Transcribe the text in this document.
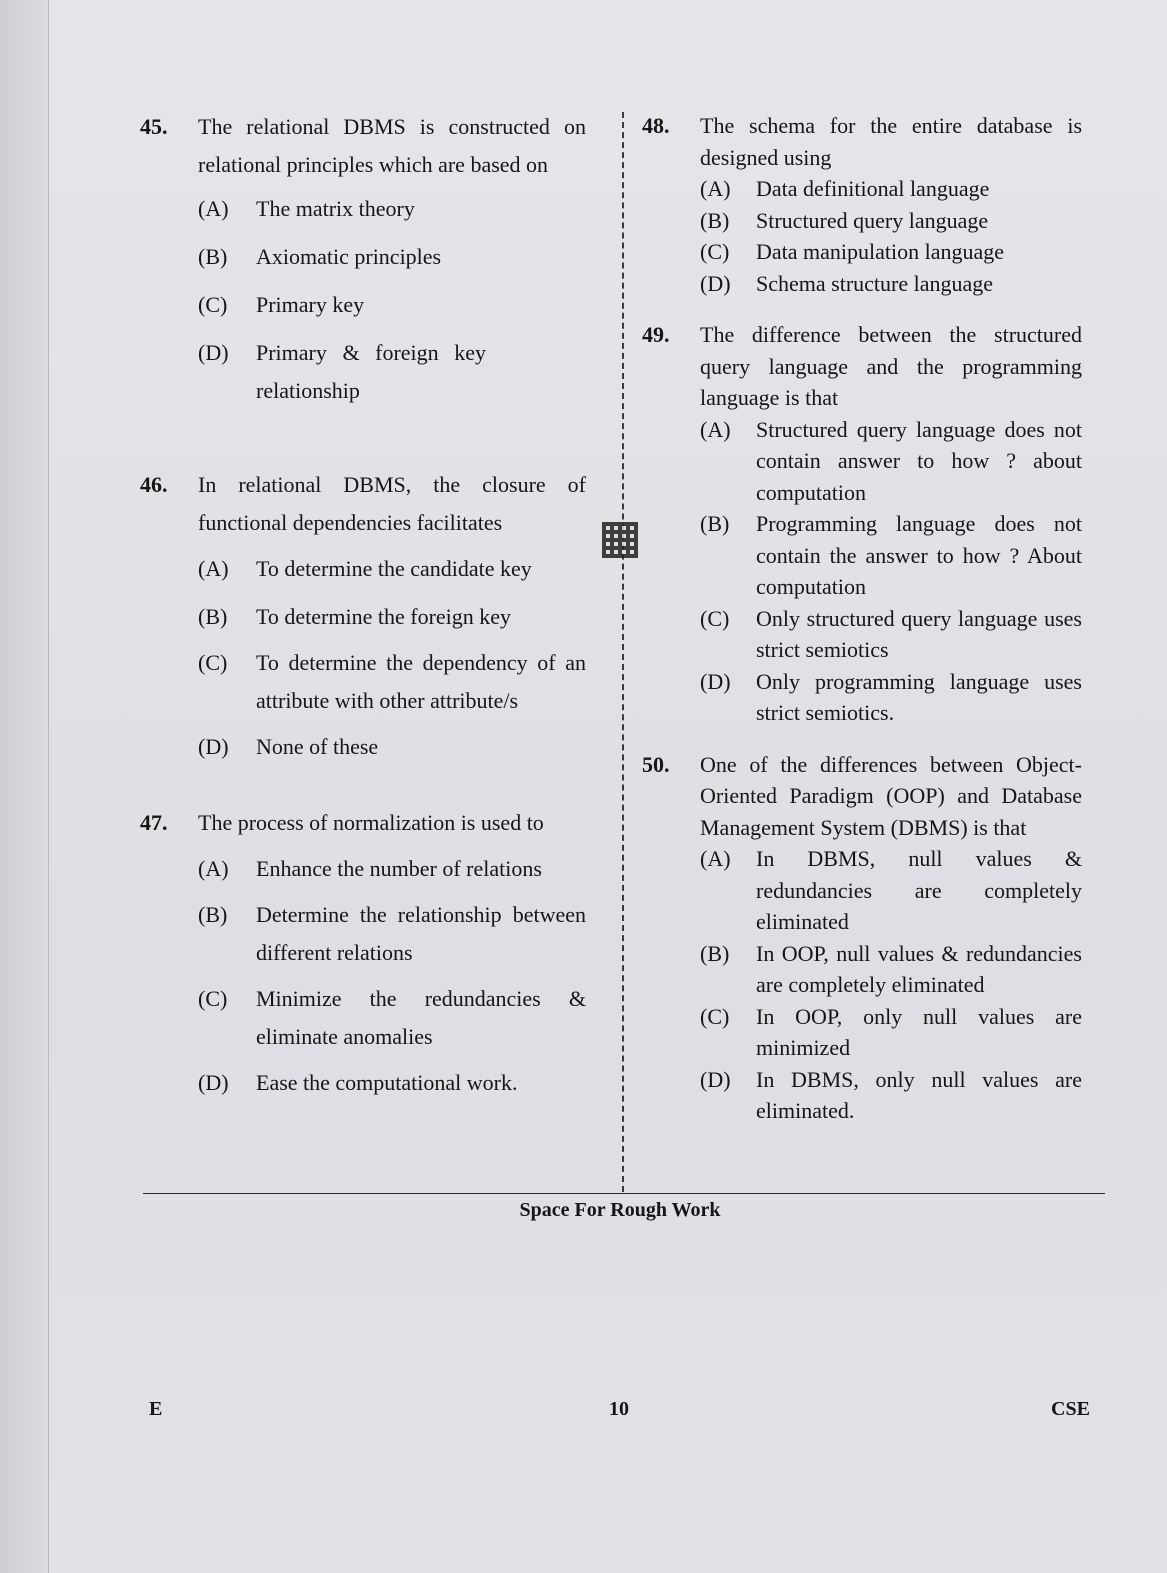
45.	The relational DBMS is constructed on relational principles which are based on
(A)	The matrix theory
(B)	Axiomatic principles
(C)	Primary key
(D)	Primary & foreign key relationship
46.	In relational DBMS, the closure of functional dependencies facilitates
(A)	To determine the candidate key
(B)	To determine the foreign key
(C)	To determine the dependency of an attribute with other attribute/s
(D)	None of these
47.	The process of normalization is used to
(A)	Enhance the number of relations
(B)	Determine the relationship between different relations
(C)	Minimize the redundancies & eliminate anomalies
(D)	Ease the computational work.
48.	The schema for the entire database is designed using
(A)	Data definitional language
(B)	Structured query language
(C)	Data manipulation language
(D)	Schema structure language
49.	The difference between the structured query language and the programming language is that
(A)	Structured query language does not contain answer to how ? about computation
(B)	Programming language does not contain the answer to how ? About computation
(C)	Only structured query language uses strict semiotics
(D)	Only programming language uses strict semiotics.
50.	One of the differences between Object-Oriented Paradigm (OOP) and Database Management System (DBMS) is that
(A)	In DBMS, null values & redundancies are completely eliminated
(B)	In OOP, null values & redundancies are completely eliminated
(C)	In OOP, only null values are minimized
(D)	In DBMS, only null values are eliminated.
Space For Rough Work
E	10	CSE
